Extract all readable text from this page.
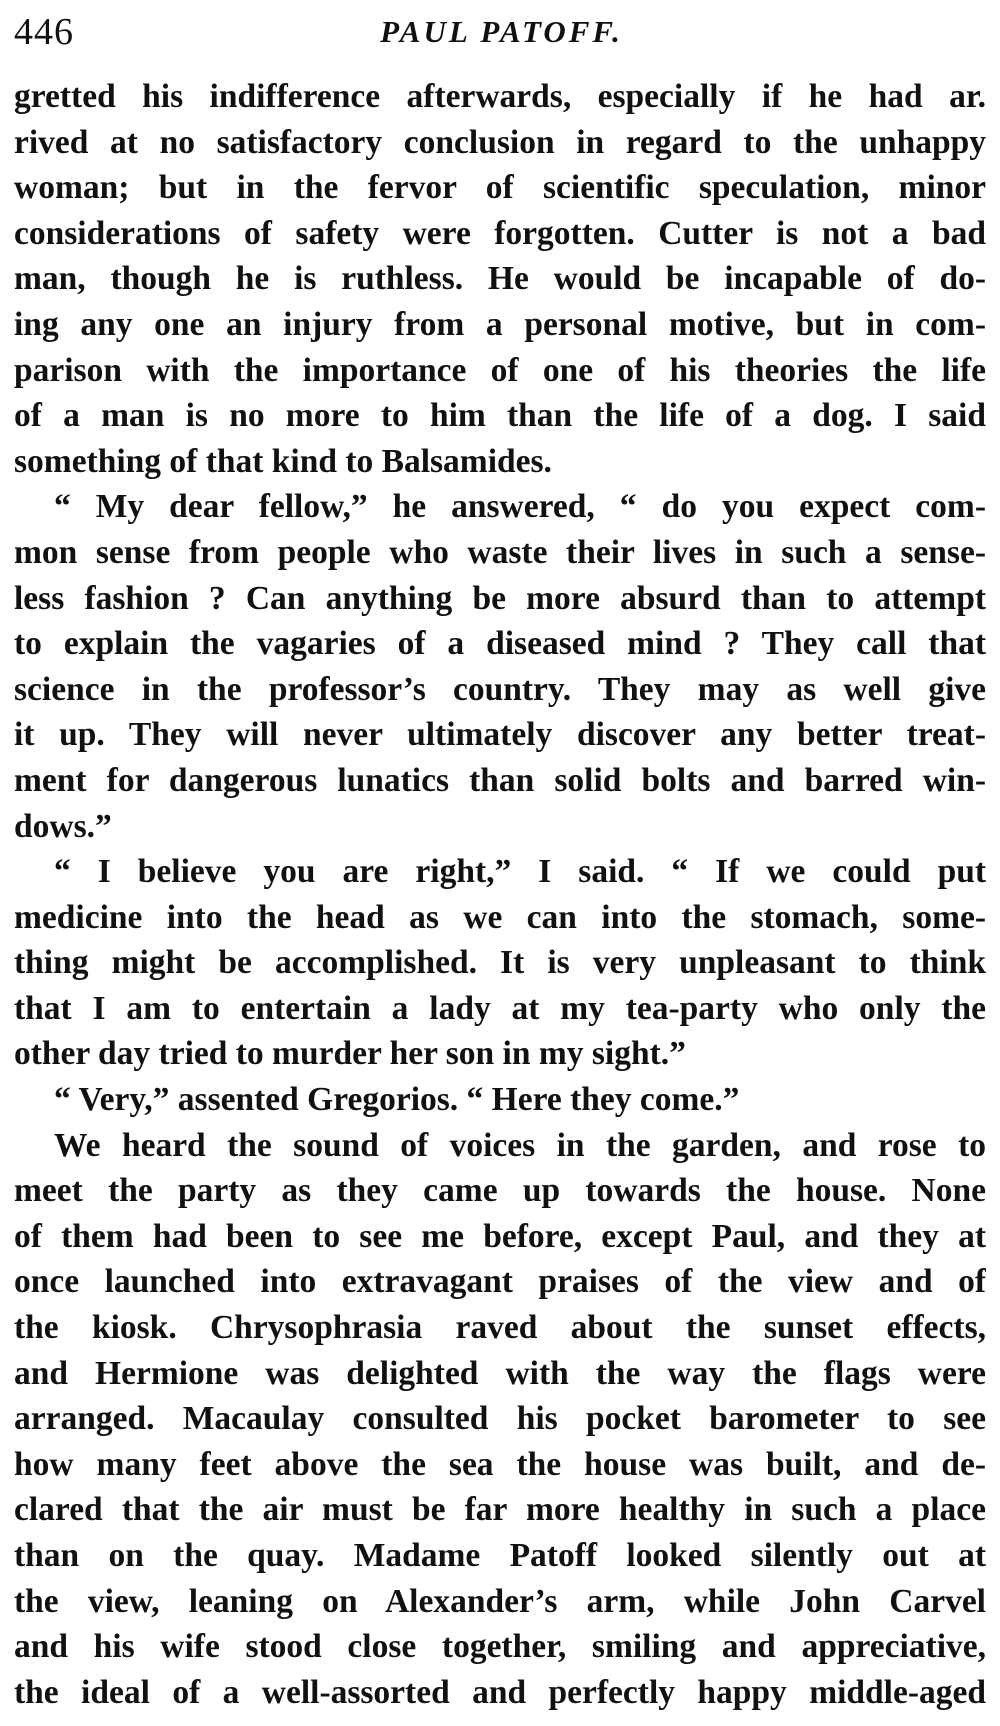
446	PAUL PATOFF.
gretted his indifference afterwards, especially if he had ar.
rived at no satisfactory conclusion in regard to the unhappy
woman; but in the fervor of scientific speculation, minor
considerations of safety were forgotten. Cutter is not a bad
man, though he is ruthless. He would be incapable of do-
ing any one an injury from a personal motive, but in com-
parison with the importance of one of his theories the life
of a man is no more to him than the life of a dog. I said
something of that kind to Balsamides.
“ My dear fellow,” he answered, “ do you expect com-
mon sense from people who waste their lives in such a sense-
less fashion ? Can anything be more absurd than to attempt
to explain the vagaries of a diseased mind ? They call that
science in the professor’s country. They may as well give
it up. They will never ultimately discover any better treat-
ment for dangerous lunatics than solid bolts and barred win-
dows.”
“ I believe you are right,” I said. “ If we could put
medicine into the head as we can into the stomach, some-
thing might be accomplished. It is very unpleasant to think
that I am to entertain a lady at my tea-party who only the
other day tried to murder her son in my sight.”
“ Very,” assented Gregorios. “ Here they come.”
We heard the sound of voices in the garden, and rose to
meet the party as they came up towards the house. None
of them had been to see me before, except Paul, and they at
once launched into extravagant praises of the view and of
the kiosk. Chrysophrasia raved about the sunset effects,
and Hermione was delighted with the way the flags were
arranged. Macaulay consulted his pocket barometer to see
how many feet above the sea the house was built, and de-
clared that the air must be far more healthy in such a place
than on the quay. Madame Patoff looked silently out at
the view, leaning on Alexander’s arm, while John Carvel
and his wife stood close together, smiling and appreciative,
the ideal of a well-assorted and perfectly happy middle-aged
